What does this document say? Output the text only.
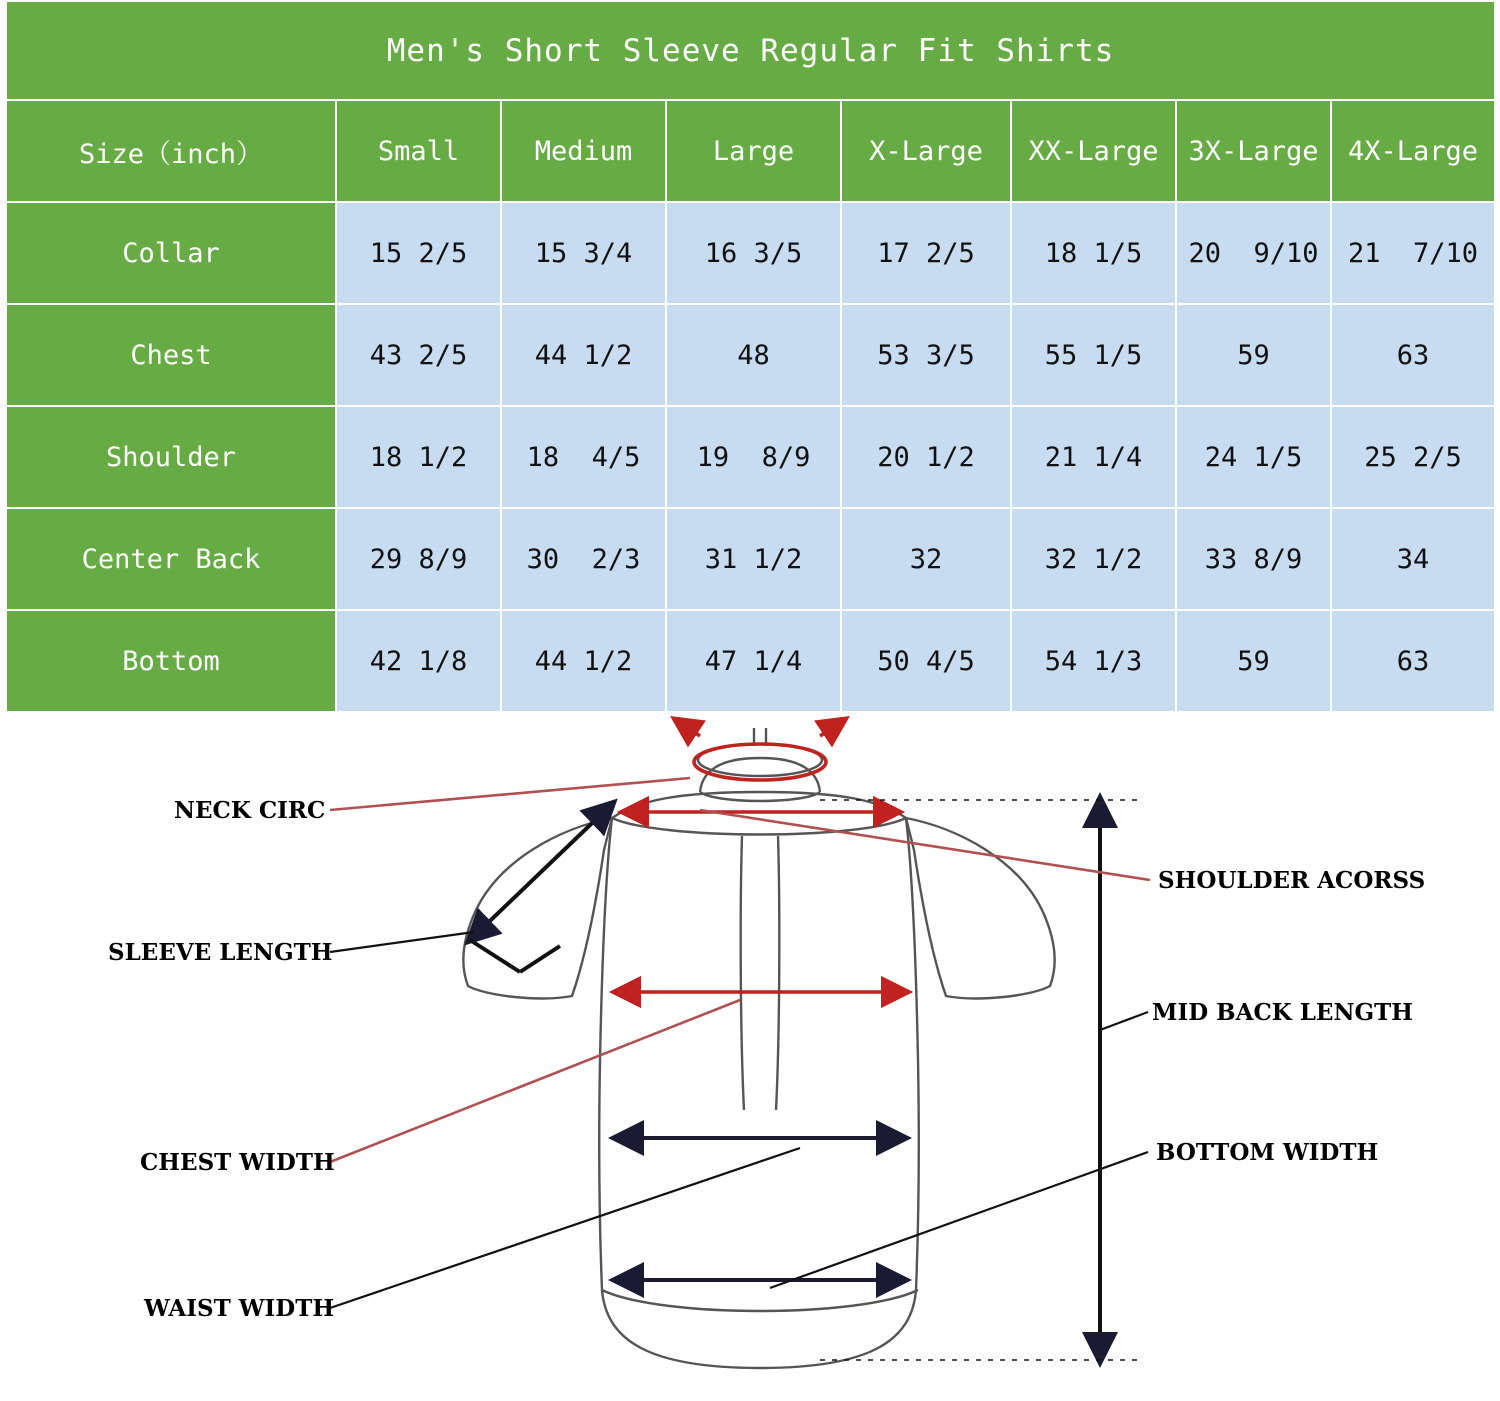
Men's Short Sleeve Regular Fit Shirts							
Size（inch）	Small	Medium	Large	X-Large	XX-Large	3X-Large	4X-Large
Collar	15 2/5	15 3/4	16 3/5	17 2/5	18 1/5	20  9/10	21  7/10
Chest	43 2/5	44 1/2	48	53 3/5	55 1/5	59	63
Shoulder	18 1/2	18  4/5	19  8/9	20 1/2	21 1/4	24 1/5	25 2/5
Center Back	29 8/9	30  2/3	31 1/2	32	32 1/2	33 8/9	34
Bottom	42 1/8	44 1/2	47 1/4	50 4/5	54 1/3	59	63
NECK CIRC
SLEEVE LENGTH
CHEST WIDTH
WAIST WIDTH
SHOULDER ACORSS
MID BACK LENGTH
BOTTOM WIDTH
